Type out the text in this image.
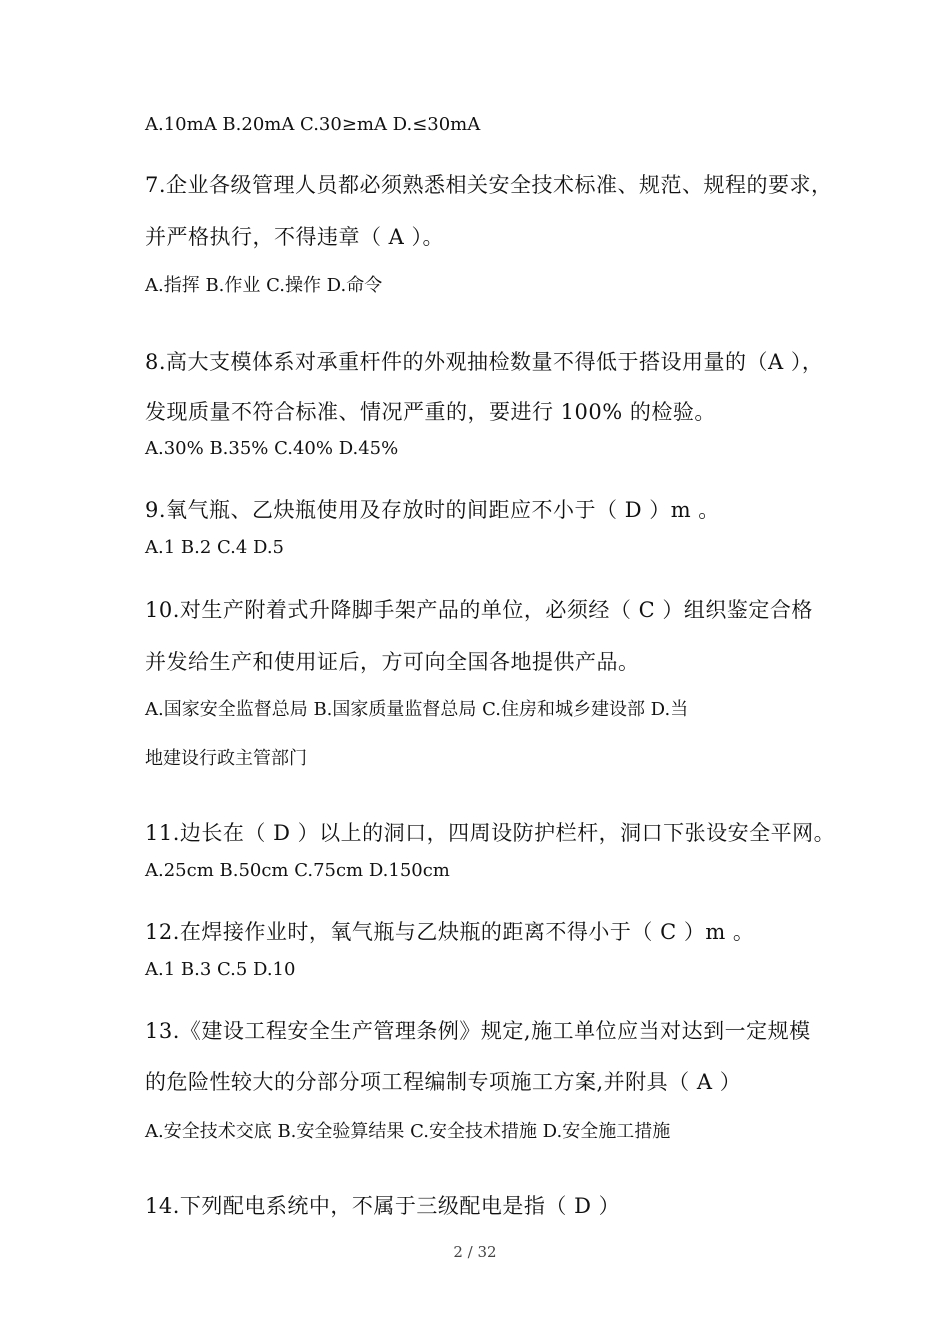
A.10mA B.20mA C.30≥mA D.≤30mA
7.企业各级管理人员都必须熟悉相关安全技术标准、规范、规程的要求，
并严格执行，不得违章（ A ）。
A.指挥 B.作业 C.操作 D.命令
8.高大支模体系对承重杆件的外观抽检数量不得低于搭设用量的（A ），
发现质量不符合标准、情况严重的，要进行 100% 的检验。
A.30% B.35% C.40% D.45%
9.氧气瓶、乙炔瓶使用及存放时的间距应不小于（ D ）m 。
A.1 B.2 C.4 D.5
10.对生产附着式升降脚手架产品的单位，必须经（ C ）组织鉴定合格
并发给生产和使用证后，方可向全国各地提供产品。
A.国家安全监督总局 B.国家质量监督总局 C.住房和城乡建设部 D.当
地建设行政主管部门
11.边长在（ D ）以上的洞口，四周设防护栏杆，洞口下张设安全平网。
A.25cm B.50cm C.75cm D.150cm
12.在焊接作业时，氧气瓶与乙炔瓶的距离不得小于（ C ）m 。
A.1 B.3 C.5 D.10
13.《建设工程安全生产管理条例》规定,施工单位应当对达到一定规模
的危险性较大的分部分项工程编制专项施工方案,并附具（ A ）
A.安全技术交底 B.安全验算结果 C.安全技术措施 D.安全施工措施
14.下列配电系统中，不属于三级配电是指（ D ）
2 / 32
